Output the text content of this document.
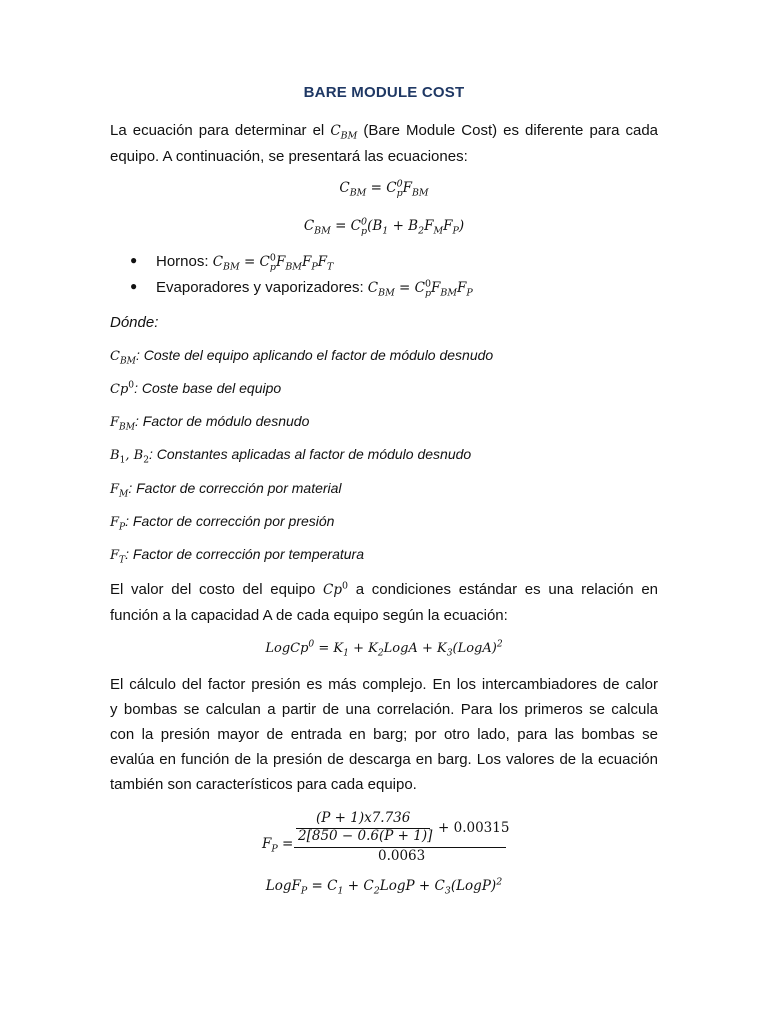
BARE MODULE COST
La ecuación para determinar el $C_{BM}$ (Bare Module Cost) es diferente para cada
equipo. A continuación, se presentará las ecuaciones:
$C_{BM} = C^0_pF_{BM}$
$C_{BM} = C^0_p(B_1 + B_2F_MF_P)$
● Hornos: $C_{BM} = C^0_pF_{BM}F_PF_T$
● Evaporadores y vaporizadores: $C_{BM} = C^0_pF_{BM}F_P$
Dónde:
$C_{BM}$: Coste del equipo aplicando el factor de módulo desnudo
Cp$^0$: Coste base del equipo
$F_{BM}$: Factor de módulo desnudo
$B_1$, $B_2$: Constantes aplicadas al factor de módulo desnudo
$F_M$: Factor de corrección por material
$F_P$: Factor de corrección por presión
$F_T$: Factor de corrección por temperatura
El valor del costo del equipo Cp$^0$ a condiciones estándar es una relación en
función a la capacidad A de cada equipo según la ecuación:
LogCp$^0$ = $K_1$ + $K_2LogA$ + $K_3(LogA)^2$
El cálculo del factor presión es más complejo. En los intercambiadores de calor
y bombas se calculan a partir de una correlación. Para los primeros se calcula
con la presión mayor de entrada en barg; por otro lado, para las bombas se
evalúa en función de la presión de descarga en barg. Los valores de la ecuación
también son característicos para cada equipo.
$F_P$ =
(P + 1)x7.736
2[850 − 0.6(P + 1)] + 0.00315
0.0063
LogF$_P$ = $C_1$ + $C_2LogP$ + $C_3(LogP)^2$
